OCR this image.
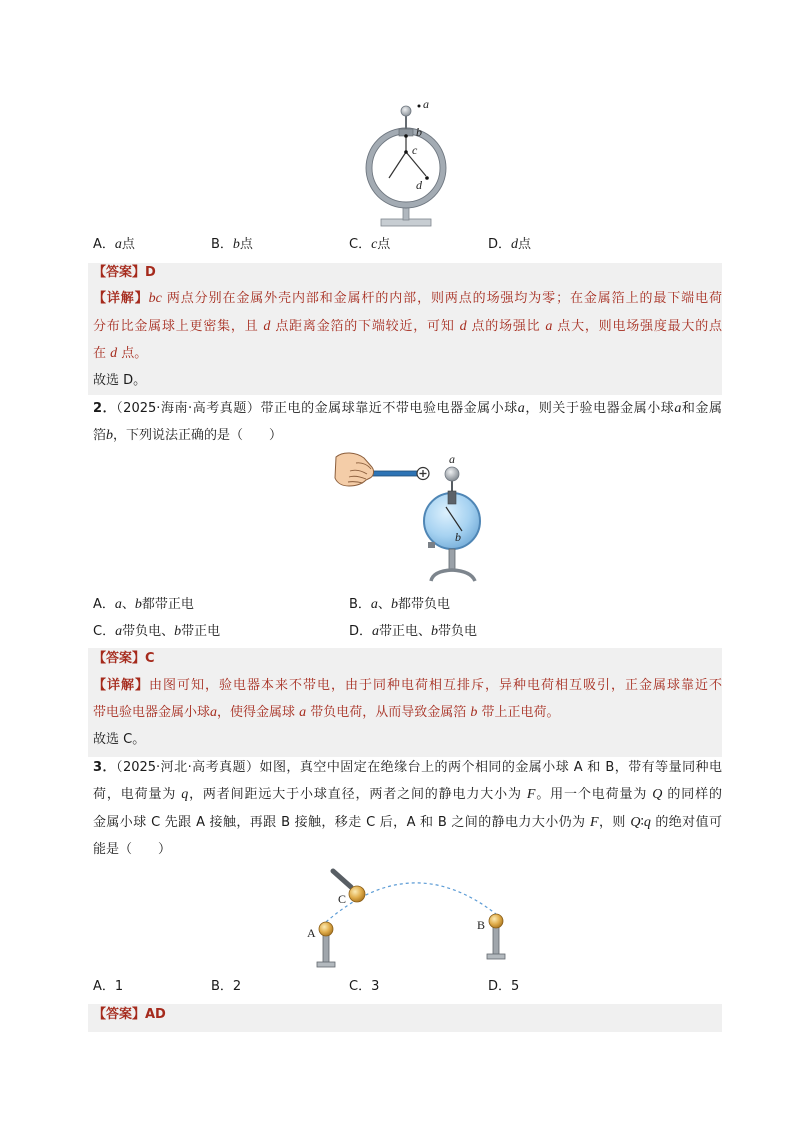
a
b
c
d
A．a点	B．b点	C．c点	D．d点
【答案】D
【详解】bc 两点分别在金属外壳内部和金属杆的内部，则两点的场强均为零；在金属箔上的最下端电荷
分布比金属球上更密集，且 d 点距离金箔的下端较近，可知 d 点的场强比 a 点大，则电场强度最大的点
在 d 点。
故选 D。
2．（2025·海南·高考真题）带正电的金属球靠近不带电验电器金属小球a，则关于验电器金属小球a和金属
箔b，下列说法正确的是（　　）
a
b
A．a、b都带正电	B．a、b都带负电
C．a带负电、b带正电	D．a带正电、b带负电
【答案】C
【详解】由图可知，验电器本来不带电，由于同种电荷相互排斥，异种电荷相互吸引，正金属球靠近不
带电验电器金属小球a，使得金属球 a 带负电荷，从而导致金属箔 b 带上正电荷。
故选 C。
3．（2025·河北·高考真题）如图，真空中固定在绝缘台上的两个相同的金属小球 A 和 B，带有等量同种电
荷，电荷量为 q，两者间距远大于小球直径，两者之间的静电力大小为 F。用一个电荷量为 Q 的同样的
金属小球 C 先跟 A 接触，再跟 B 接触，移走 C 后，A 和 B 之间的静电力大小仍为 F，则 Q∶q 的绝对值可
能是（　　）
C
A
B
A．1	B．2	C．3	D．5
【答案】AD
